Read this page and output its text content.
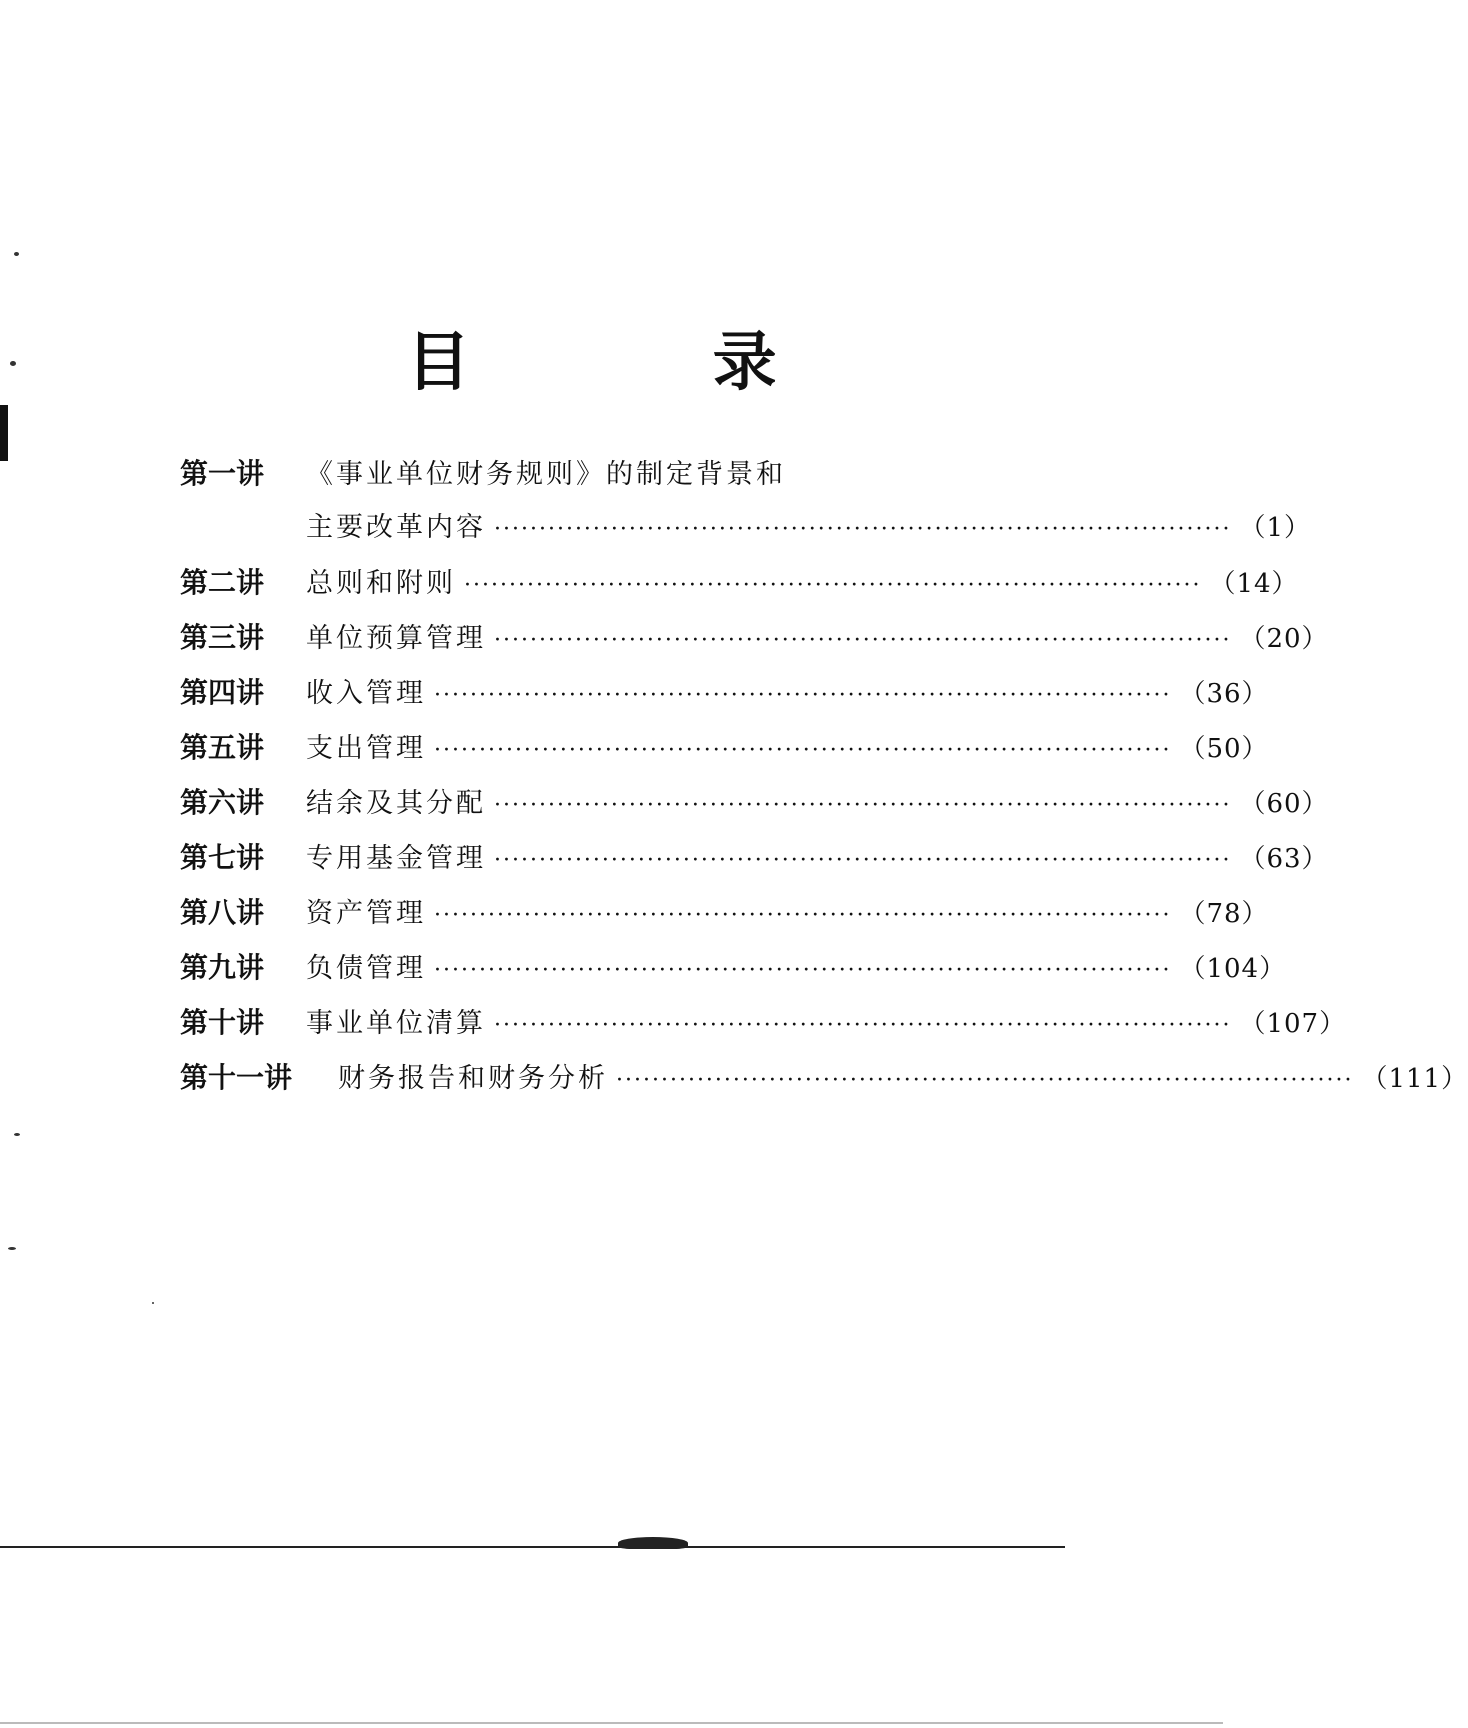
目 录
第一讲	《事业单位财务规则》的制定背景和
主要改革内容 ·················································································· （1）
第二讲	总则和附则 ·················································································· （14）
第三讲	单位预算管理 ·················································································· （20）
第四讲	收入管理 ·················································································· （36）
第五讲	支出管理 ·················································································· （50）
第六讲	结余及其分配 ·················································································· （60）
第七讲	专用基金管理 ·················································································· （63）
第八讲	资产管理 ·················································································· （78）
第九讲	负债管理 ·················································································· （104）
第十讲	事业单位清算 ·················································································· （107）
第十一讲	财务报告和财务分析 ·················································································· （111）
